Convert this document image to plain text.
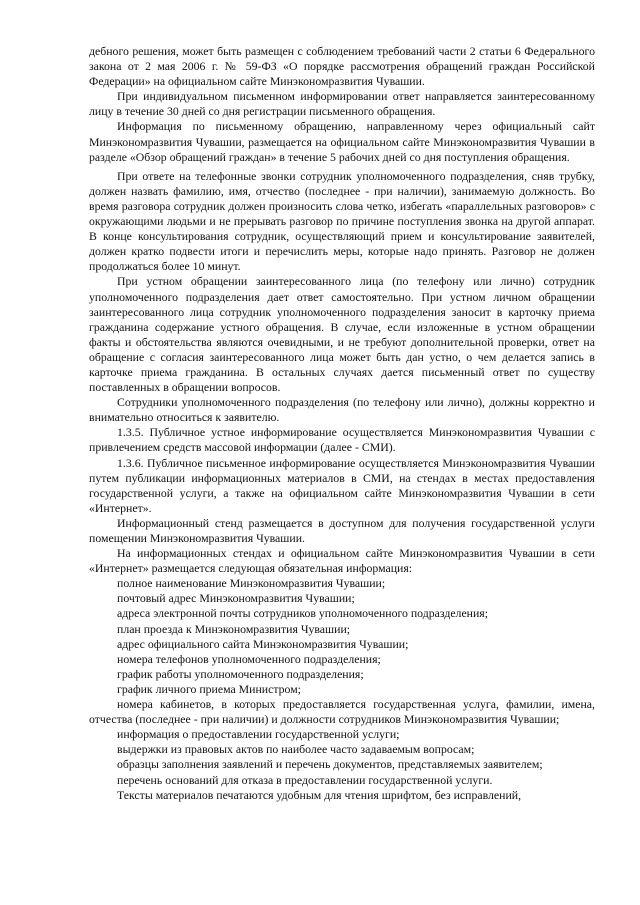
дебного решения, может быть размещен с соблюдением требований части 2 статьи 6 Федерального закона от 2 мая 2006 г. № 59-ФЗ «О порядке рассмотрения обращений граждан Российской Федерации» на официальном сайте Минэкономразвития Чувашии.

При индивидуальном письменном информировании ответ направляется заинтересованному лицу в течение 30 дней со дня регистрации письменного обращения.

Информация по письменному обращению, направленному через официальный сайт Минэкономразвития Чувашии, размещается на официальном сайте Минэкономразвития Чувашии в разделе «Обзор обращений граждан» в течение 5 рабочих дней со дня поступления обращения.

При ответе на телефонные звонки сотрудник уполномоченного подразделения, сняв трубку, должен назвать фамилию, имя, отчество (последнее - при наличии), занимаемую должность. Во время разговора сотрудник должен произносить слова четко, избегать «параллельных разговоров» с окружающими людьми и не прерывать разговор по причине поступления звонка на другой аппарат. В конце консультирования сотрудник, осуществляющий прием и консультирование заявителей, должен кратко подвести итоги и перечислить меры, которые надо принять. Разговор не должен продолжаться более 10 минут.

При устном обращении заинтересованного лица (по телефону или лично) сотрудник уполномоченного подразделения дает ответ самостоятельно. При устном личном обращении заинтересованного лица сотрудник уполномоченного подразделения заносит в карточку приема гражданина содержание устного обращения. В случае, если изложенные в устном обращении факты и обстоятельства являются очевидными, и не требуют дополнительной проверки, ответ на обращение с согласия заинтересованного лица может быть дан устно, о чем делается запись в карточке приема гражданина. В остальных случаях дается письменный ответ по существу поставленных в обращении вопросов.

Сотрудники уполномоченного подразделения (по телефону или лично), должны корректно и внимательно относиться к заявителю.

1.3.5. Публичное устное информирование осуществляется Минэкономразвития Чувашии с привлечением средств массовой информации (далее - СМИ).

1.3.6. Публичное письменное информирование осуществляется Минэкономразвития Чувашии путем публикации информационных материалов в СМИ, на стендах в местах предоставления государственной услуги, а также на официальном сайте Минэкономразвития Чувашии в сети «Интернет».

Информационный стенд размещается в доступном для получения государственной услуги помещении Минэкономразвития Чувашии.

На информационных стендах и официальном сайте Минэкономразвития Чувашии в сети «Интернет» размещается следующая обязательная информация:

полное наименование Минэкономразвития Чувашии;

почтовый адрес Минэкономразвития Чувашии;

адреса электронной почты сотрудников уполномоченного подразделения;

план проезда к Минэкономразвития Чувашии;

адрес официального сайта Минэкономразвития Чувашии;

номера телефонов уполномоченного подразделения;

график работы уполномоченного подразделения;

график личного приема Министром;

номера кабинетов, в которых предоставляется государственная услуга, фамилии, имена, отчества (последнее - при наличии) и должности сотрудников Минэкономразвития Чувашии;

информация о предоставлении государственной услуги;

выдержки из правовых актов по наиболее часто задаваемым вопросам;

образцы заполнения заявлений и перечень документов, представляемых заявителем;

перечень оснований для отказа в предоставлении государственной услуги.

Тексты материалов печатаются удобным для чтения шрифтом, без исправлений,
